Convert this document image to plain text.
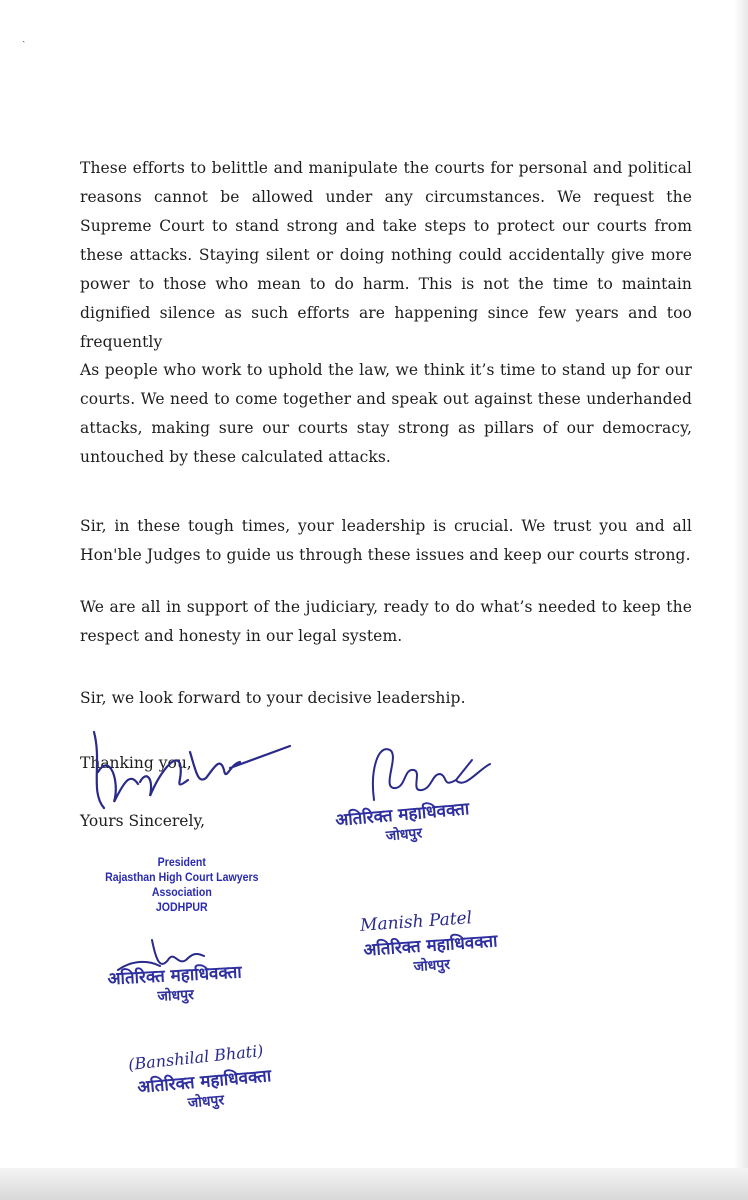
ˎ

These efforts to belittle and manipulate the courts for personal and political reasons cannot be allowed under any circumstances. We request the Supreme Court to stand strong and take steps to protect our courts from these attacks. Staying silent or doing nothing could accidentally give more power to those who mean to do harm. This is not the time to maintain dignified silence as such efforts are happening since few years and too frequently

As people who work to uphold the law, we think it’s time to stand up for our courts. We need to come together and speak out against these underhanded attacks, making sure our courts stay strong as pillars of our democracy, untouched by these calculated attacks.

Sir, in these tough times, your leadership is crucial. We trust you and all Hon'ble Judges to guide us through these issues and keep our courts strong.

We are all in support of the judiciary, ready to do what’s needed to keep the respect and honesty in our legal system.

Sir, we look forward to your decisive leadership.

Thanking you,

Yours Sincerely,

President
Rajasthan High Court Lawyers Association
JODHPUR
अतिरिक्त महाधिवक्ता
जोधपुर
Manish Patel
अतिरिक्त महाधिवक्ता
जोधपुर
अतिरिक्त महाधिवक्ता
जोधपुर
(Banshilal Bhati)
अतिरिक्त महाधिवक्ता
जोधपुर
